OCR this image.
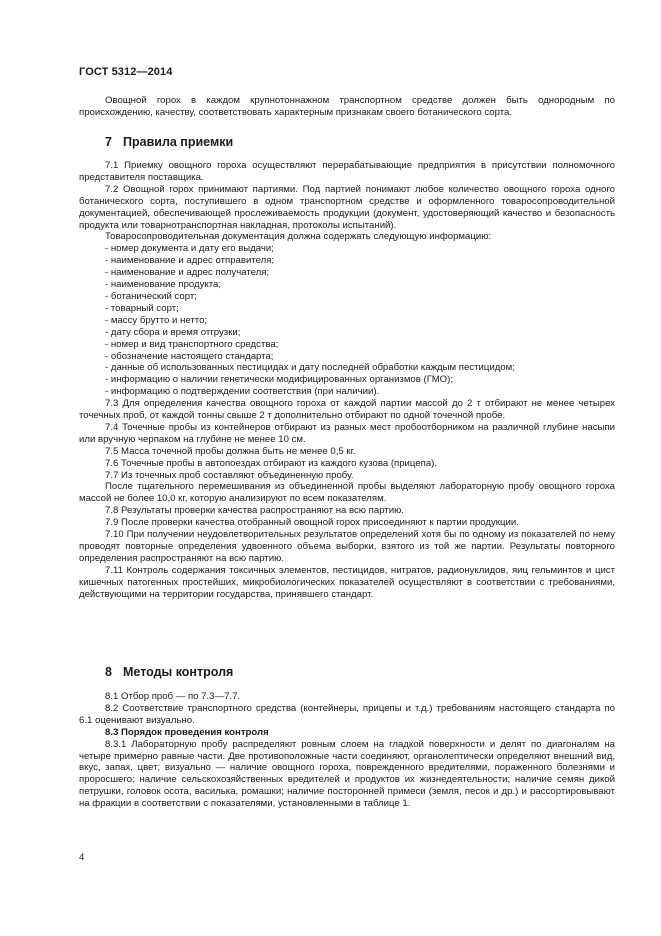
ГОСТ 5312—2014

Овощной горох в каждом крупнотоннажном транспортном средстве должен быть однородным по происхождению, качеству, соответствовать характерным признакам своего ботанического сорта.

7 Правила приемки

7.1 Приемку овощного гороха осуществляют перерабатывающие предприятия в присутствии полномочного представителя поставщика.

7.2 Овощной горох принимают партиями. Под партией понимают любое количество овощного гороха одного ботанического сорта, поступившего в одном транспортном средстве и оформленного товаросопроводительной документацией, обеспечивающей прослеживаемость продукции (документ, удостоверяющий качество и безопасность продукта или товарнотранспортная накладная, протоколы испытаний).

Товаросопроводительная документация должна содержать следующую информацию:

- номер документа и дату его выдачи;

- наименование и адрес отправителя;

- наименование и адрес получателя;

- наименование продукта;

- ботанический сорт;

- товарный сорт;

- массу брутто и нетто;

- дату сбора и время отгрузки;

- номер и вид транспортного средства;

- обозначение настоящего стандарта;

- данные об использованных пестицидах и дату последней обработки каждым пестицидом;

- информацию о наличии генетически модифицированных организмов (ГМО);

- информацию о подтверждении соответствия (при наличии).

7.3 Для определения качества овощного гороха от каждой партии массой до 2 т отбирают не менее четырех точечных проб, от каждой тонны свыше 2 т дополнительно отбирают по одной точечной пробе.

7.4 Точечные пробы из контейнеров отбирают из разных мест пробоотборником на различной глубине насыпи или вручную черпаком на глубине не менее 10 см.

7.5 Масса точечной пробы должна быть не менее 0,5 кг.

7.6 Точечные пробы в автопоездах отбирают из каждого кузова (прицепа).

7.7 Из точечных проб составляют объединенную пробу.

После тщательного перемешивания из объединенной пробы выделяют лабораторную пробу овощного гороха массой не более 10,0 кг, которую анализируют по всем показателям.

7.8 Результаты проверки качества распространяют на всю партию.

7.9 После проверки качества отобранный овощной горох присоединяют к партии продукции.

7.10 При получении неудовлетворительных результатов определений хотя бы по одному из показателей по нему проводят повторные определения удвоенного объема выборки, взятого из той же партии. Результаты повторного определения распространяют на всю партию.

7.11 Контроль содержания токсичных элементов, пестицидов, нитратов, радионуклидов, яиц гельминтов и цист кишечных патогенных простейших, микробиологических показателей осуществляют в соответствии с требованиями, действующими на территории государства, принявшего стандарт.

8 Методы контроля

8.1 Отбор проб — по 7.3—7.7.

8.2 Соответствие транспортного средства (контейнеры, прицепы и т.д.) требованиям настоящего стандарта по 6.1 оценивают визуально.

8.3 Порядок проведения контроля

8.3.1 Лабораторную пробу распределяют ровным слоем на гладкой поверхности и делят по диагоналям на четыре примерно равные части. Две противоположные части соединяют, органолептически определяют внешний вид, вкус, запах, цвет; визуально — наличие овощного гороха, поврежденного вредителями, пораженного болезнями и проросшего; наличие сельскохозяйственных вредителей и продуктов их жизнедеятельности; наличие семян дикой петрушки, головок осота, василька, ромашки; наличие посторонней примеси (земля, песок и др.) и рассортировывают на фракции в соответствии с показателями, установленными в таблице 1.

4
